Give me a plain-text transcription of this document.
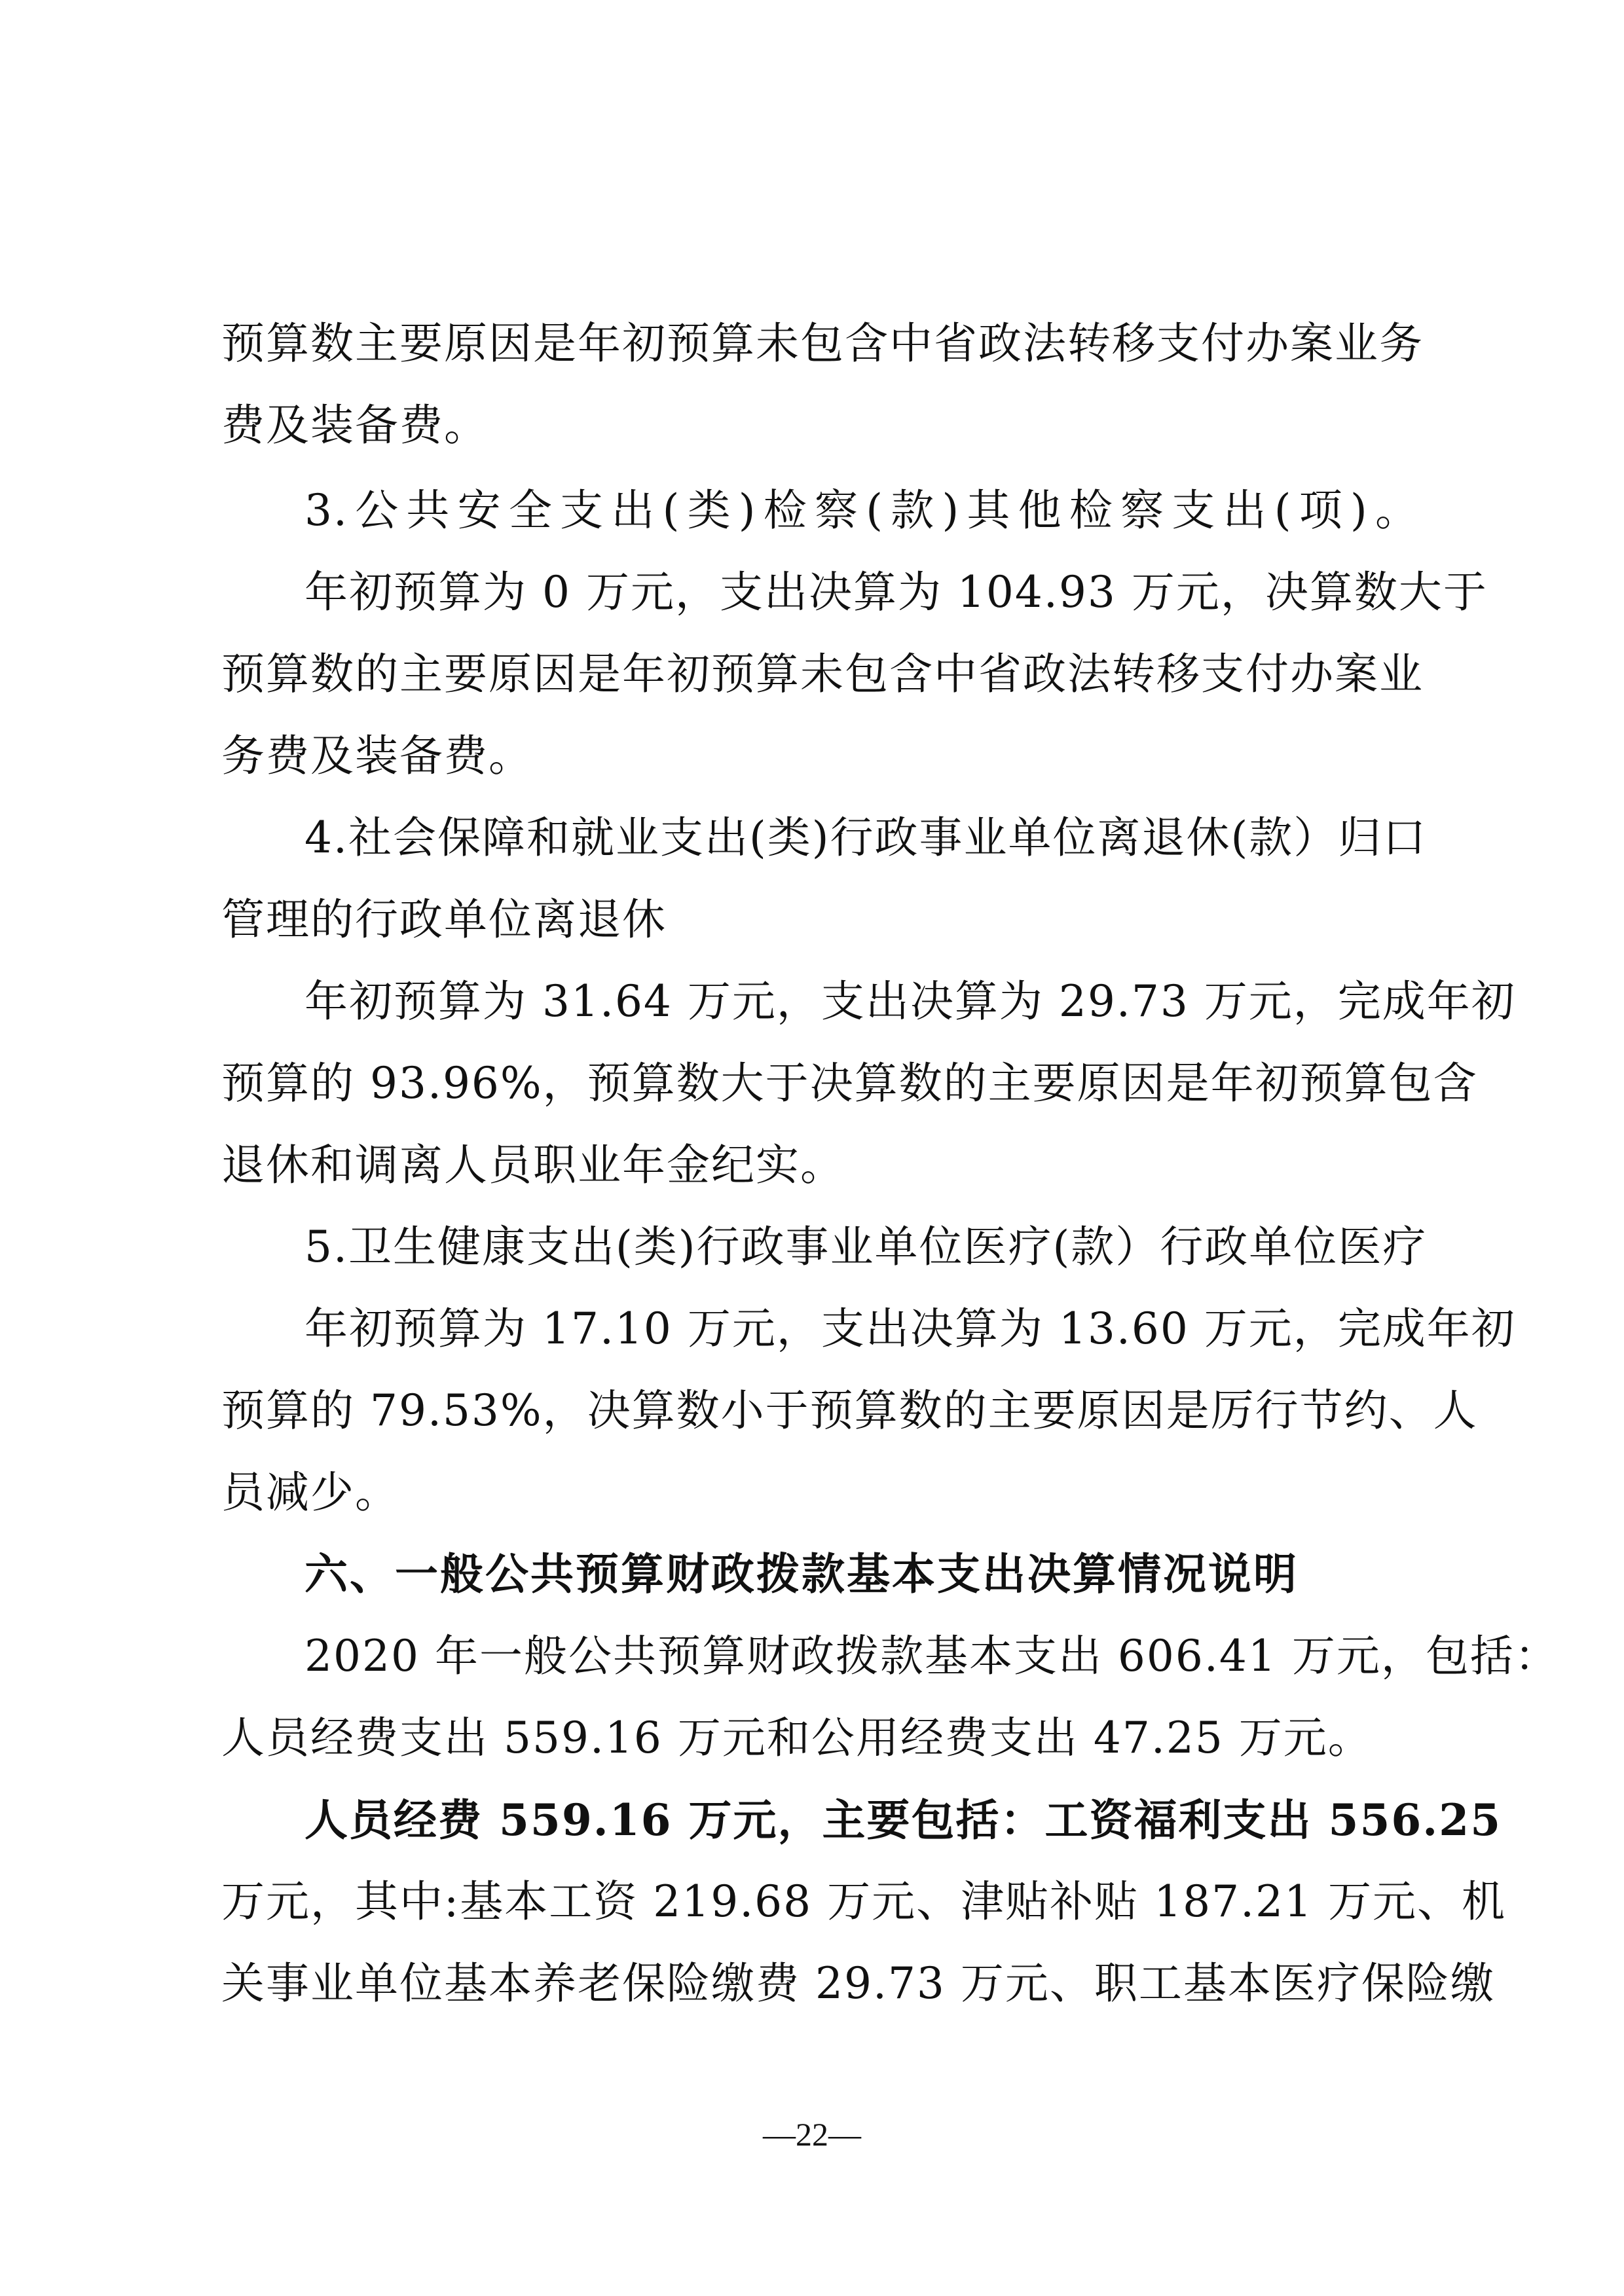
预算数主要原因是年初预算未包含中省政法转移支付办案业务
费及装备费。
3.公共安全支出(类)检察(款)其他检察支出(项)。
年初预算为 0 万元，支出决算为 104.93 万元，决算数大于
预算数的主要原因是年初预算未包含中省政法转移支付办案业
务费及装备费。
4.社会保障和就业支出(类)行政事业单位离退休(款）归口
管理的行政单位离退休
年初预算为 31.64 万元，支出决算为 29.73 万元，完成年初
预算的 93.96%，预算数大于决算数的主要原因是年初预算包含
退休和调离人员职业年金纪实。
5.卫生健康支出(类)行政事业单位医疗(款）行政单位医疗
年初预算为 17.10 万元，支出决算为 13.60 万元，完成年初
预算的 79.53%，决算数小于预算数的主要原因是厉行节约、人
员减少。
六、一般公共预算财政拨款基本支出决算情况说明
2020 年一般公共预算财政拨款基本支出 606.41 万元，包括：
人员经费支出 559.16 万元和公用经费支出 47.25 万元。
人员经费 559.16 万元，主要包括：工资福利支出 556.25
万元，其中:基本工资 219.68 万元、津贴补贴 187.21 万元、机
关事业单位基本养老保险缴费 29.73 万元、职工基本医疗保险缴
—22—
